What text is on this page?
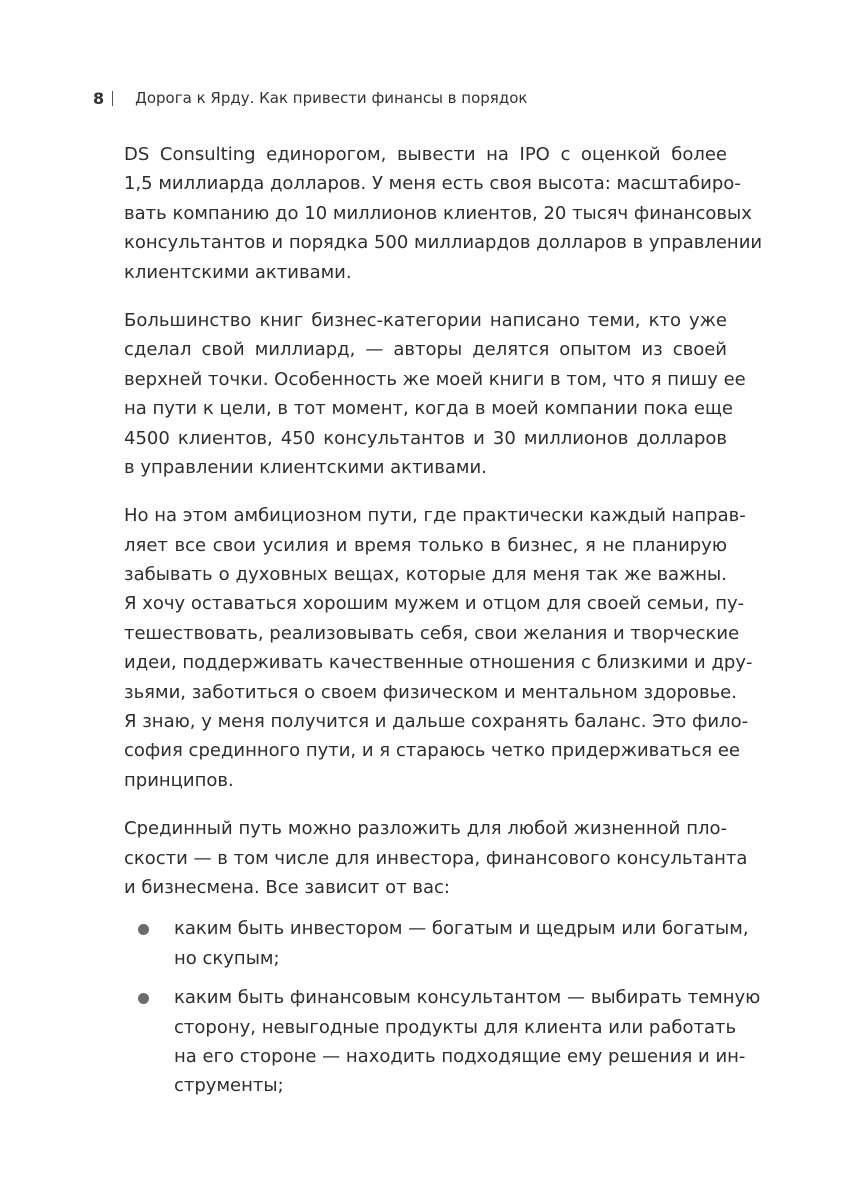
8 Дорога к Ярду. Как привести финансы в порядок
DS Consulting единорогом, вывести на IPO с оценкой более
1,5 миллиарда долларов. У меня есть своя высота: масштабиро-
вать компанию до 10 миллионов клиентов, 20 тысяч финансовых
консультантов и порядка 500 миллиардов долларов в управлении
клиентскими активами.
Большинство книг бизнес-категории написано теми, кто уже
сделал свой миллиард, — авторы делятся опытом из своей
верхней точки. Особенность же моей книги в том, что я пишу ее
на пути к цели, в тот момент, когда в моей компании пока еще
4500 клиентов, 450 консультантов и 30 миллионов долларов
в управлении клиентскими активами.
Но на этом амбициозном пути, где практически каждый направ-
ляет все свои усилия и время только в бизнес, я не планирую
забывать о духовных вещах, которые для меня так же важны.
Я хочу оставаться хорошим мужем и отцом для своей семьи, пу-
тешествовать, реализовывать себя, свои желания и творческие
идеи, поддерживать качественные отношения с близкими и дру-
зьями, заботиться о своем физическом и ментальном здоровье.
Я знаю, у меня получится и дальше сохранять баланс. Это фило-
софия срединного пути, и я стараюсь четко придерживаться ее
принципов.
Срединный путь можно разложить для любой жизненной пло-
скости — в том числе для инвестора, финансового консультанта
и бизнесмена. Все зависит от вас:
каким быть инвестором — богатым и щедрым или богатым,
но скупым;
каким быть финансовым консультантом — выбирать темную
сторону, невыгодные продукты для клиента или работать
на его стороне — находить подходящие ему решения и ин-
струменты;
